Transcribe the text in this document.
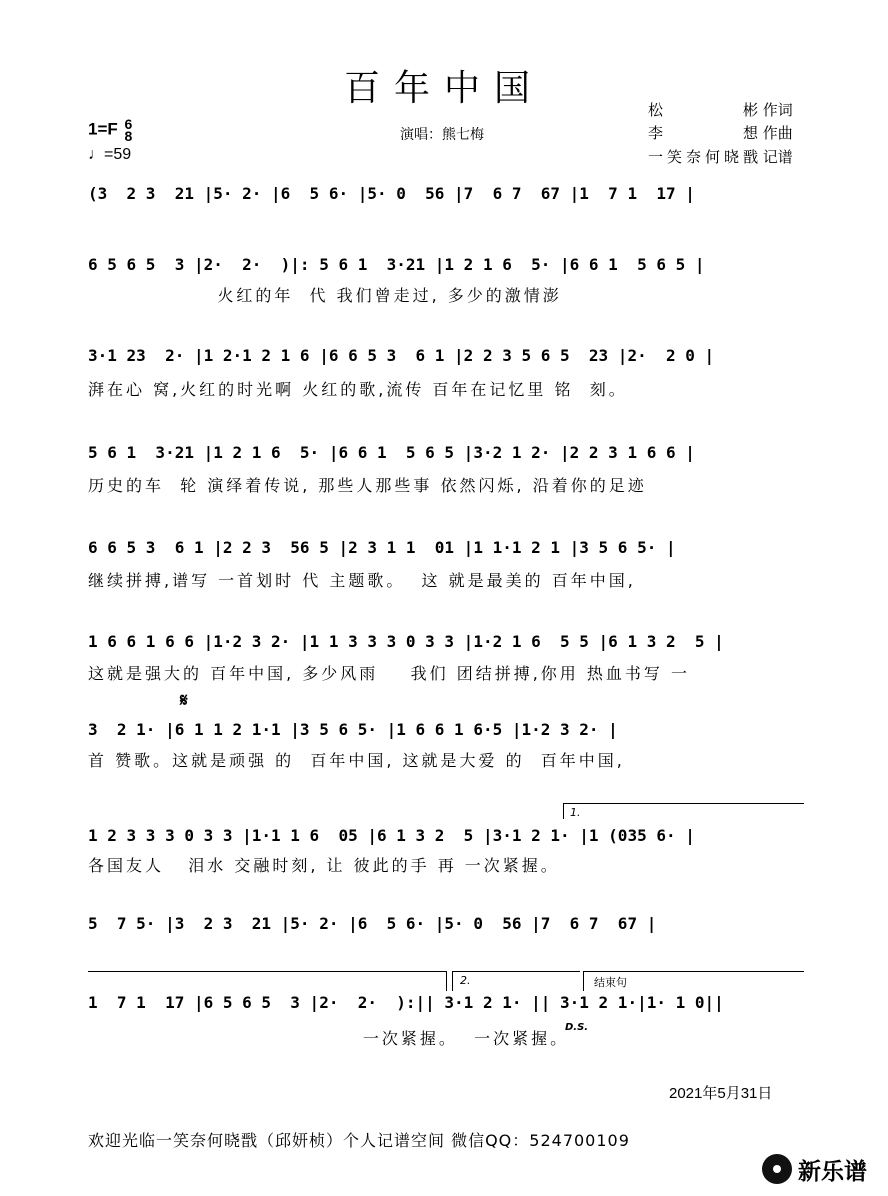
百年中国
1=F 6
8
♩=59
演唱：熊七梅
松 彬 作词
李 想 作曲
一笑奈何晓戬 记谱
(3  2 3  21 |5· 2· |6  5 6· |5· 0  56 |7  6 7  67 |1  7 1  17 |
6 5 6 5  3 |2·  2·  )|: 5 6 1  3·21 |1 2 1 6  5· |6 6 1  5 6 5 |
火红的年  代 我们曾走过, 多少的激情澎
3·1 23  2· |1 2·1 2 1 6 |6 6 5 3  6 1 |2 2 3 5 6 5  23 |2·  2 0 |
湃在心 窝,火红的时光啊 火红的歌,流传 百年在记忆里 铭  刻。
5 6 1  3·21 |1 2 1 6  5· |6 6 1  5 6 5 |3·2 1 2· |2 2 3 1 6 6 |
历史的车  轮 演绎着传说, 那些人那些事 依然闪烁, 沿着你的足迹
6 6 5 3  6 1 |2 2 3  56 5 |2 3 1 1  01 |1 1·1 2 1 |3 5 6 5· |
继续拼搏,谱写 一首划时 代 主题歌。  这 就是最美的 百年中国,
1 6 6 1 6 6 |1·2 3 2· |1 1 3 3 3 0 3 3 |1·2 1 6  5 5 |6 1 3 2  5 |
这就是强大的 百年中国, 多少风雨    我们 团结拼搏,你用 热血书写 一
𝄋
3  2 1· |6 1 1 2 1·1 |3 5 6 5· |1 6 6 1 6·5 |1·2 3 2· |
首 赞歌。这就是顽强 的  百年中国, 这就是大爱 的  百年中国,
1.
1 2 3 3 3 0 3 3 |1·1 1 6  05 |6 1 3 2  5 |3·1 2 1· |1 (035 6· |
各国友人   泪水 交融时刻, 让 彼此的手 再 一次紧握。
5  7 5· |3  2 3  21 |5· 2· |6  5 6· |5· 0  56 |7  6 7  67 |
2.	结束句
1  7 1  17 |6 5 6 5  3 |2·  2·  ):|| 3·1 2 1· || 3·1 2 1·|1· 1 0||
一次紧握。  一次紧握。
D.S.
2021年5月31日
欢迎光临一笑奈何晓戬（邱妍桢）个人记谱空间 微信QQ：524700109
新乐谱
